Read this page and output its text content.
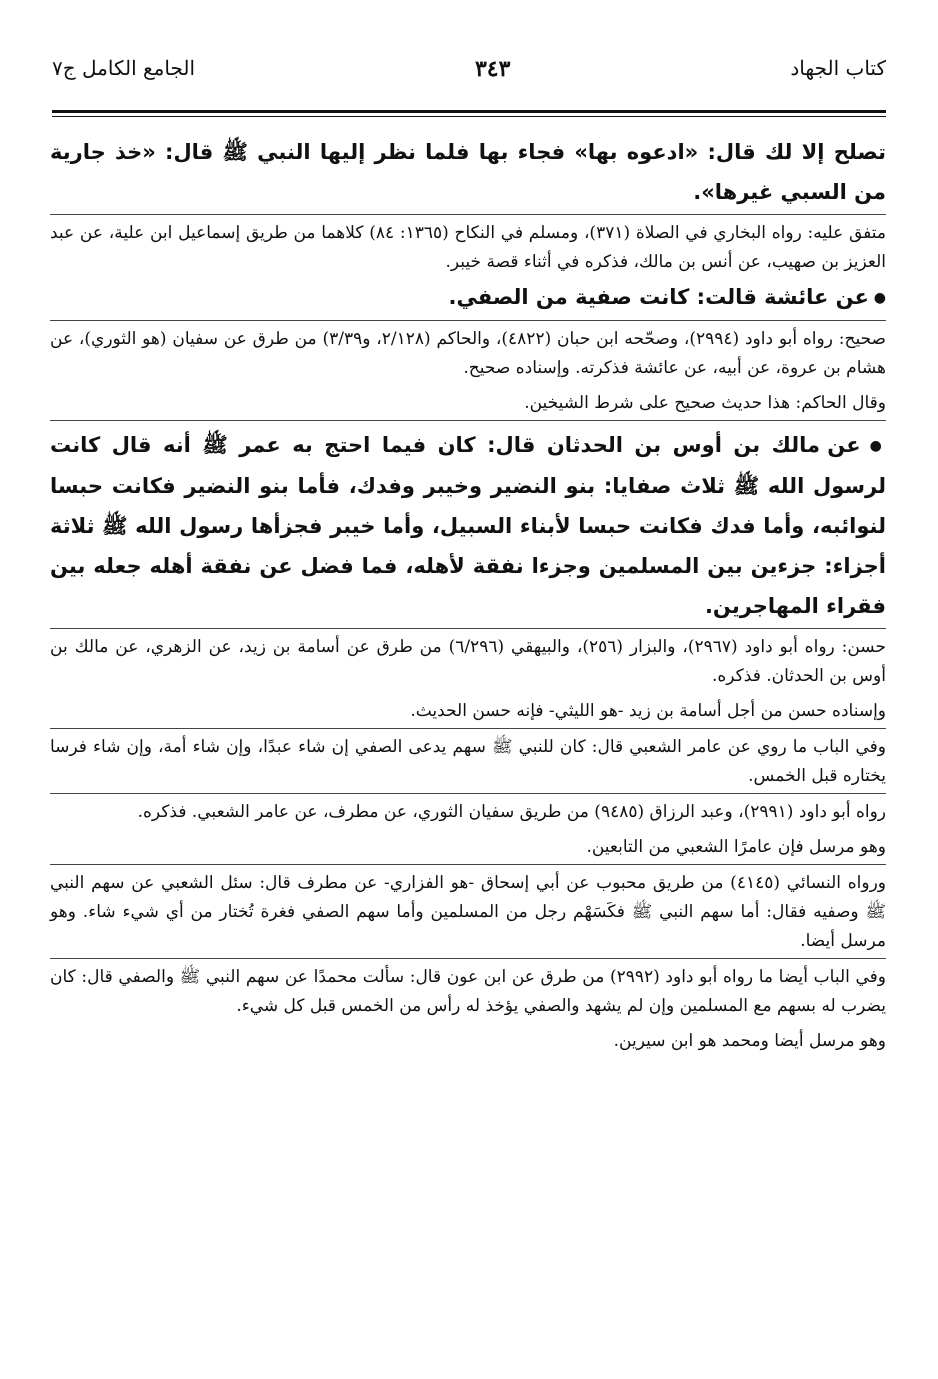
كتاب الجهاد
٣٤٣
الجامع الكامل ج٧

تصلح إلا لك قال: «ادعوه بها» فجاء بها فلما نظر إليها النبي ﷺ قال: «خذ جارية من السبي غيرها».

متفق عليه: رواه البخاري في الصلاة (٣٧١)، ومسلم في النكاح (١٣٦٥: ٨٤) كلاهما من طريق إسماعيل ابن علية، عن عبد العزيز بن صهيب، عن أنس بن مالك، فذكره في أثناء قصة خيبر.

● عن عائشة قالت: كانت صفية من الصفي.

صحيح: رواه أبو داود (٢٩٩٤)، وصحّحه ابن حبان (٤٨٢٢)، والحاكم (٢/١٢٨، و٣/٣٩) من طرق عن سفيان (هو الثوري)، عن هشام بن عروة، عن أبيه، عن عائشة فذكرته. وإسناده صحيح.

وقال الحاكم: هذا حديث صحيح على شرط الشيخين.

● عن مالك بن أوس بن الحدثان قال: كان فيما احتج به عمر ﷺ أنه قال كانت لرسول الله ﷺ ثلاث صفايا: بنو النضير وخيبر وفدك، فأما بنو النضير فكانت حبسا لنوائبه، وأما فدك فكانت حبسا لأبناء السبيل، وأما خيبر فجزأها رسول الله ﷺ ثلاثة أجزاء: جزءين بين المسلمين وجزءا نفقة لأهله، فما فضل عن نفقة أهله جعله بين فقراء المهاجرين.

حسن: رواه أبو داود (٢٩٦٧)، والبزار (٢٥٦)، والبيهقي (٦/٢٩٦) من طرق عن أسامة بن زيد، عن الزهري، عن مالك بن أوس بن الحدثان. فذكره.

وإسناده حسن من أجل أسامة بن زيد -هو الليثي- فإنه حسن الحديث.

وفي الباب ما روي عن عامر الشعبي قال: كان للنبي ﷺ سهم يدعى الصفي إن شاء عبدًا، وإن شاء أمة، وإن شاء فرسا يختاره قبل الخمس.

رواه أبو داود (٢٩٩١)، وعبد الرزاق (٩٤٨٥) من طريق سفيان الثوري، عن مطرف، عن عامر الشعبي. فذكره.

وهو مرسل فإن عامرًا الشعبي من التابعين.

ورواه النسائي (٤١٤٥) من طريق محبوب عن أبي إسحاق -هو الفزاري- عن مطرف قال: سئل الشعبي عن سهم النبي ﷺ وصفيه فقال: أما سهم النبي ﷺ فكَسَهْم رجل من المسلمين وأما سهم الصفي فغرة تُختار من أي شيء شاء. وهو مرسل أيضا.

وفي الباب أيضا ما رواه أبو داود (٢٩٩٢) من طرق عن ابن عون قال: سألت محمدًا عن سهم النبي ﷺ والصفي قال: كان يضرب له بسهم مع المسلمين وإن لم يشهد والصفي يؤخذ له رأس من الخمس قبل كل شيء.

وهو مرسل أيضا ومحمد هو ابن سيرين.
